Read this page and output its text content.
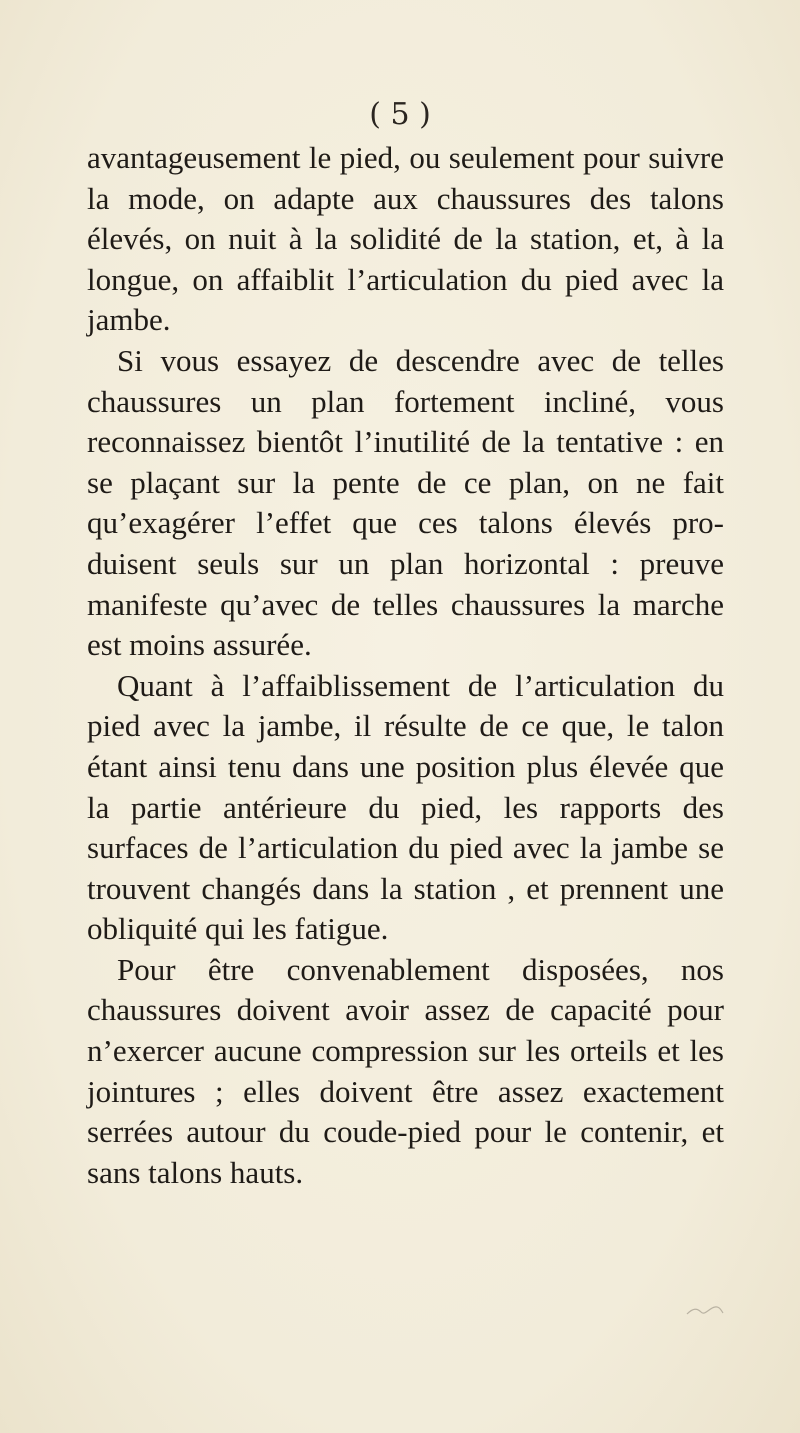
( 5 )

avantageusement le pied, ou seulement pour suivre la mode, on adapte aux chaussures des talons élevés, on nuit à la solidité de la station, et, à la longue, on affaiblit l’articulation du pied avec la jambe.

Si vous essayez de descendre avec de telles chaussures un plan fortement incliné, vous reconnaissez bientôt l’inutilité de la tentative : en se plaçant sur la pente de ce plan, on ne fait qu’exagérer l’effet que ces talons élevés pro-duisent seuls sur un plan horizontal : preuve manifeste qu’avec de telles chaussures la marche est moins assurée.

Quant à l’affaiblissement de l’articulation du pied avec la jambe, il résulte de ce que, le talon étant ainsi tenu dans une position plus élevée que la partie antérieure du pied, les rapports des surfaces de l’articulation du pied avec la jambe se trouvent changés dans la station , et prennent une obliquité qui les fatigue.

Pour être convenablement disposées, nos chaussures doivent avoir assez de capacité pour n’exercer aucune compression sur les orteils et les jointures ; elles doivent être assez exactement serrées autour du coude-pied pour le contenir, et sans talons hauts.
